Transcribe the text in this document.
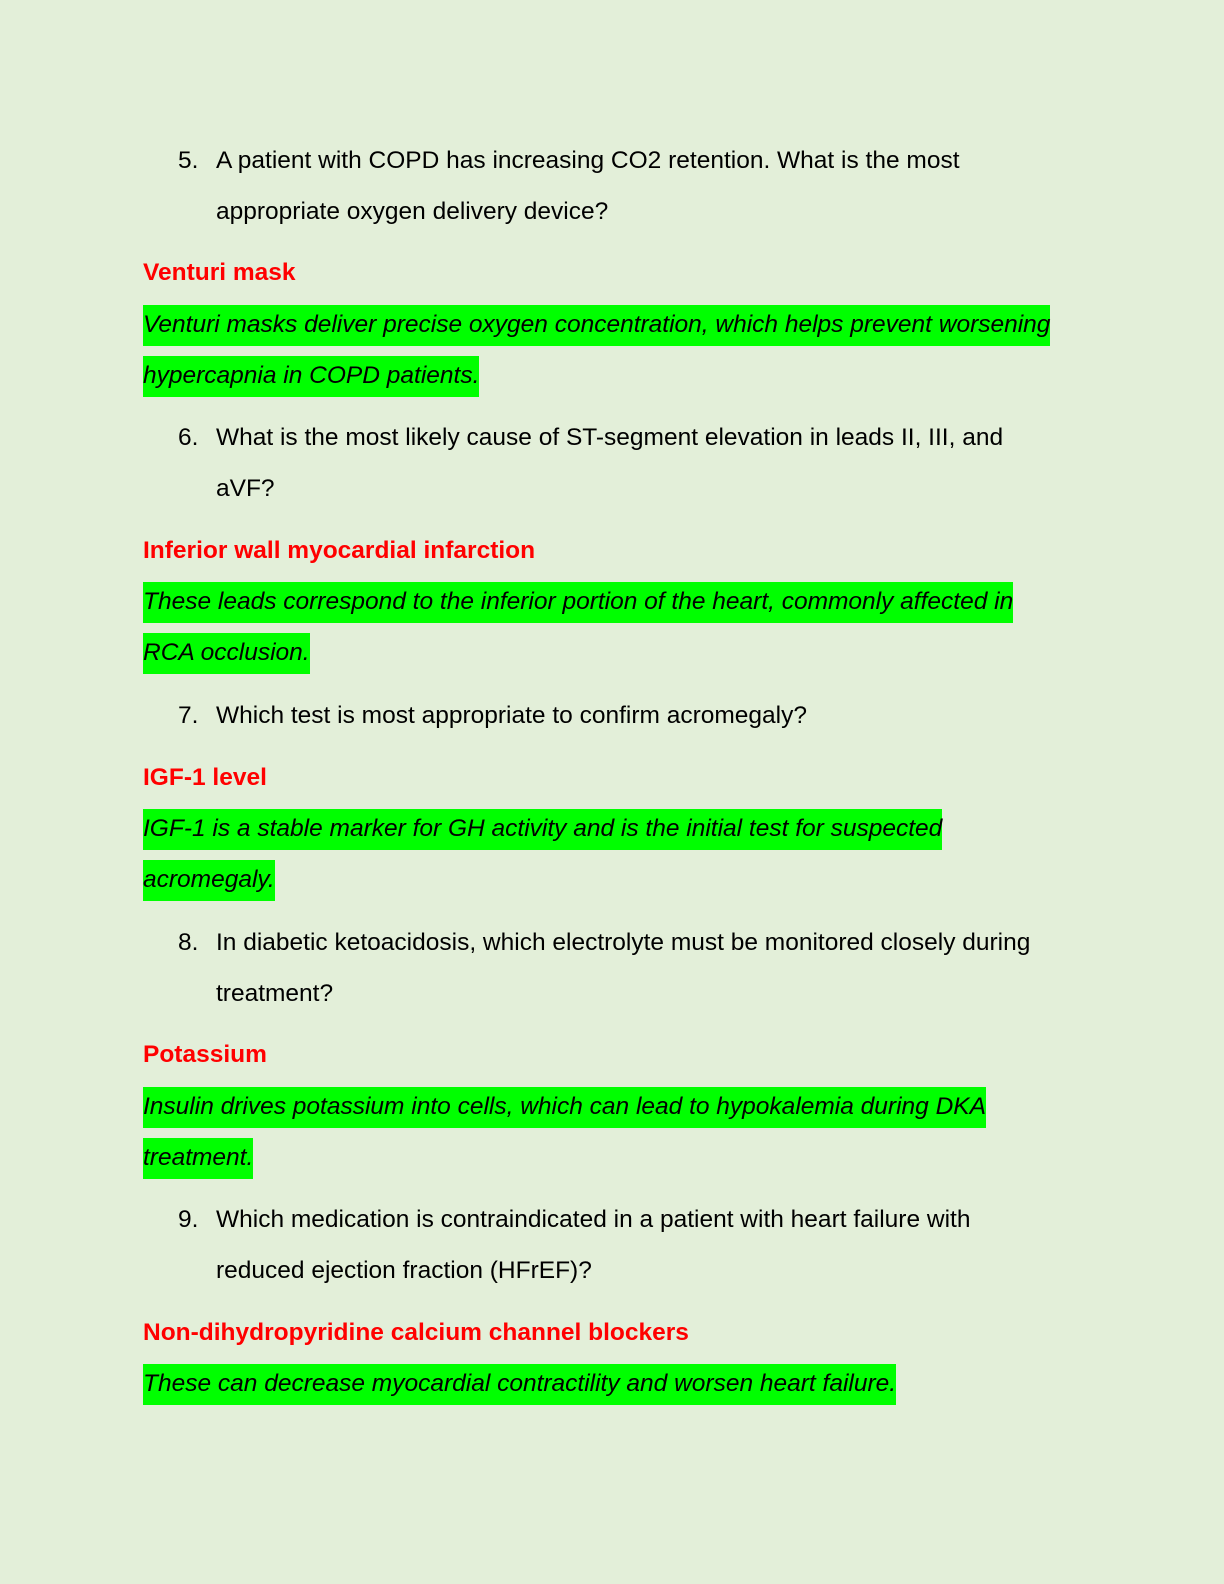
5. A patient with COPD has increasing CO2 retention. What is the most appropriate oxygen delivery device?

Venturi mask

Venturi masks deliver precise oxygen concentration, which helps prevent worsening hypercapnia in COPD patients.

6. What is the most likely cause of ST-segment elevation in leads II, III, and aVF?

Inferior wall myocardial infarction

These leads correspond to the inferior portion of the heart, commonly affected in RCA occlusion.

7. Which test is most appropriate to confirm acromegaly?

IGF-1 level

IGF-1 is a stable marker for GH activity and is the initial test for suspected acromegaly.

8. In diabetic ketoacidosis, which electrolyte must be monitored closely during treatment?

Potassium

Insulin drives potassium into cells, which can lead to hypokalemia during DKA treatment.

9. Which medication is contraindicated in a patient with heart failure with reduced ejection fraction (HFrEF)?

Non-dihydropyridine calcium channel blockers

These can decrease myocardial contractility and worsen heart failure.
